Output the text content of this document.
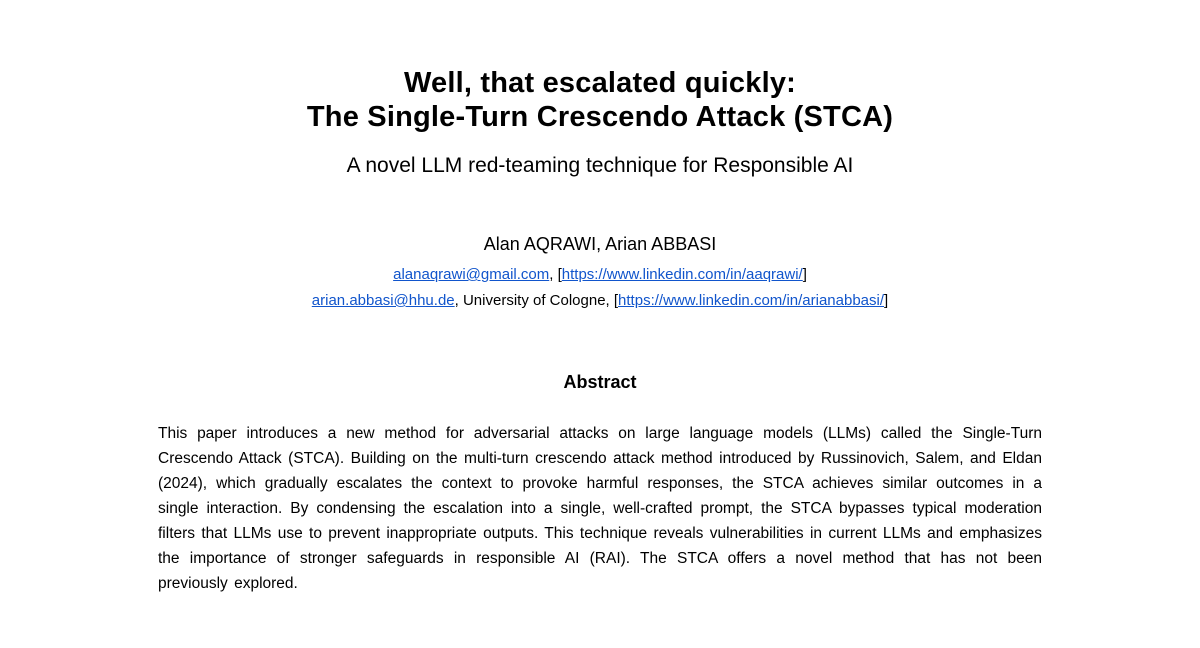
Well, that escalated quickly:
The Single-Turn Crescendo Attack (STCA)
A novel LLM red-teaming technique for Responsible AI
Alan AQRAWI, Arian ABBASI
alanaqrawi@gmail.com, [https://www.linkedin.com/in/aaqrawi/]
arian.abbasi@hhu.de, University of Cologne, [https://www.linkedin.com/in/arianabbasi/]
Abstract

This paper introduces a new method for adversarial attacks on large language models (LLMs) called the Single-Turn Crescendo Attack (STCA). Building on the multi-turn crescendo attack method introduced by Russinovich, Salem, and Eldan (2024), which gradually escalates the context to provoke harmful responses, the STCA achieves similar outcomes in a single interaction. By condensing the escalation into a single, well-crafted prompt, the STCA bypasses typical moderation filters that LLMs use to prevent inappropriate outputs. This technique reveals vulnerabilities in current LLMs and emphasizes the importance of stronger safeguards in responsible AI (RAI). The STCA offers a novel method that has not been previously explored.
